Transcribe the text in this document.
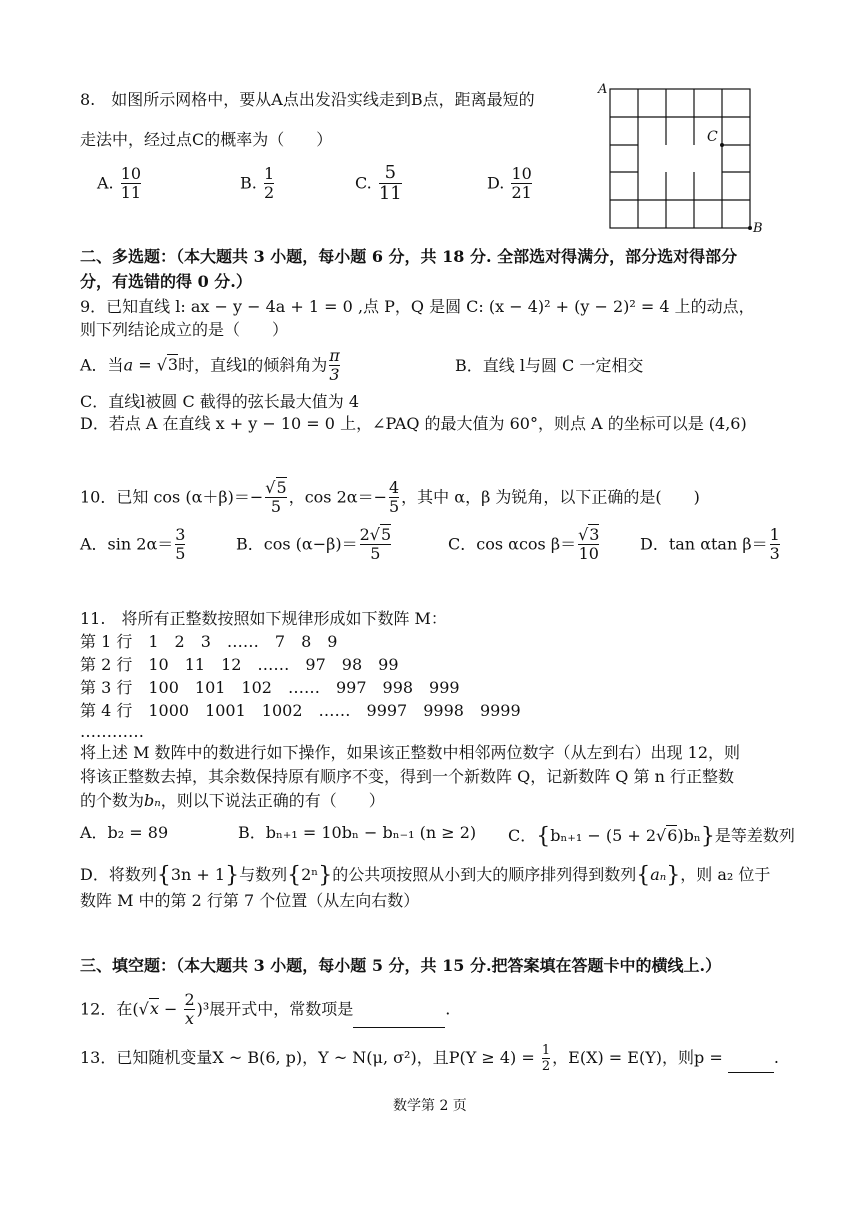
8.　如图所示网格中，要从A点出发沿实线走到B点，距离最短的
走法中，经过点C的概率为（　　）
A. $\frac{10}{11}$	B. $\frac{1}{2}$	C. $\frac{5}{11}$	D. $\frac{10}{21}$
A
C
B
二、多选题：（本大题共 3 小题，每小题 6 分，共 18 分. 全部选对得满分，部分选对得部分
分，有选错的得 0 分.）
9．已知直线 l: ax − y − 4a + 1 = 0 ,点 P，Q 是圆 C: (x − 4)² + (y − 2)² = 4 上的动点，
则下列结论成立的是（　　）
A．当a = √3时，直线l的倾斜角为 $\frac{\pi}{3}$	B．直线 l与圆 C 一定相交
C．直线l被圆 C 截得的弦长最大值为 4
D．若点 A 在直线 x + y − 10 = 0 上，∠PAQ 的最大值为 60°，则点 A 的坐标可以是 (4,6)
10．已知 $\cos (\alpha+\beta)=- \frac{√5}{5}$ ，$\cos 2\alpha=- \frac{4}{5}$ ，其中 α，β 为锐角，以下正确的是(　　)
A．$\sin 2\alpha= \frac{3}{5}$	B．$\cos (\alpha-\beta)= \frac{2√5}{5}$	C．cos αcos $\beta= \frac{√3}{10}$	D．tan αtan $\beta= \frac{1}{3}$
11.　将所有正整数按照如下规律形成如下数阵 M：
第 1 行　1　2　3　……　7　8　9
第 2 行　10　11　12　……　97　98　99
第 3 行　100　101　102　……　997　998　999
第 4 行　1000　1001　1002　……　9997　9998　9999
…………
将上述 M 数阵中的数进行如下操作，如果该正整数中相邻两位数字（从左到右）出现 12，则
将该正整数去掉，其余数保持原有顺序不变，得到一个新数阵 Q，记新数阵 Q 第 n 行正整数
的个数为bₙ，则以下说法正确的有（　　）
A．b₂ = 89	B．bₙ₊₁ = 10bₙ − bₙ₋₁ (n ≥ 2) C．{bₙ₊₁ − (5 + 2√6)bₙ}是等差数列
D．将数列{3n + 1}与数列{2ⁿ}的公共项按照从小到大的顺序排列得到数列{aₙ}，则 a₂ 位于
数阵 M 中的第 2 行第 7 个位置（从左向右数）
三、填空题：（本大题共 3 小题，每小题 5 分，共 15 分.把答案填在答题卡中的横线上.）
12．在$(√x - \frac{2}{x} )^3$展开式中，常数项是	.
13．已知随机变量X ~ B(6, p)，Y ~ N(μ, σ²)，且$P(Y \ge 4) = \frac{1}{2}$ ，E(X) = E(Y)，则p =	.
数学第 2 页
